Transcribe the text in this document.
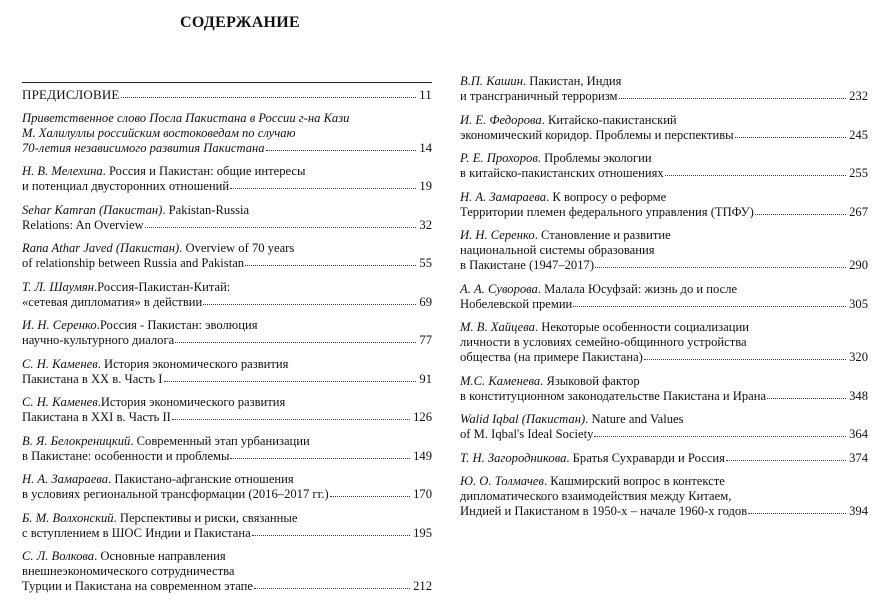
СОДЕРЖАНИЕ
ПРЕДИСЛОВИЕ	11
Приветственное слово Посла Пакистана в России г-на Кази
М. Халилуллы российским востоковедам по случаю
70-летия независимого развития Пакистана	14
Н. В. Мелехина. Россия и Пакистан: общие интересы
и потенциал двусторонних отношений	19
Sehar Kamran (Пакистан). Pakistan-Russia
Relations: An Overview	32
Rana Athar Javed (Пакистан). Overview of 70 years
of relationship between Russia and Pakistan	55
Т. Л. Шаумян.Россия-Пакистан-Китай:
«сетевая дипломатия» в действии	69
И. Н. Серенко.Россия - Пакистан: эволюция
научно-культурного диалога	77
С. Н. Каменев. История экономического развития
Пакистана в XX в. Часть I	91
С. Н. Каменев.История экономического развития
Пакистана в XXI в. Часть II	126
В. Я. Белокреницкий. Современный этап урбанизации
в Пакистане: особенности и проблемы	149
Н. А. Замараева. Пакистано-афганские отношения
в условиях региональной трансформации (2016–2017 гг.)	170
Б. М. Волхонский. Перспективы и риски, связанные
с вступлением в ШОС Индии и Пакистана	195
С. Л. Волкова. Основные направления
внешнеэкономического сотрудничества
Турции и Пакистана на современном этапе	212
В.П. Кашин. Пакистан, Индия
и трансграничный терроризм	232
И. Е. Федорова. Китайско-пакистанский
экономический коридор. Проблемы и перспективы	245
Р. Е. Прохоров. Проблемы экологии
в китайско-пакистанских отношениях	255
Н. А. Замараева. К вопросу о реформе
Территории племен федерального управления (ТПФУ)	267
И. Н. Серенко. Становление и развитие
национальной системы образования
в Пакистане (1947–2017)	290
А. А. Суворова. Малала Юсуфзай: жизнь до и после
Нобелевской премии	305
М. В. Хайцева. Некоторые особенности социализации
личности в условиях семейно-общинного устройства
общества (на примере Пакистана)	320
М.С. Каменева. Языковой фактор
в конституционном законодательстве Пакистана и Ирана	348
Walid Iqbal (Пакистан). Nature and Values
of M. Iqbal's Ideal Society	364
Т. Н. Загородникова. Братья Сухраварди и Россия	374
Ю. О. Толмачев. Кашмирский вопрос в контексте
дипломатического взаимодействия между Китаем,
Индией и Пакистаном в 1950-х – начале 1960-х годов	394
